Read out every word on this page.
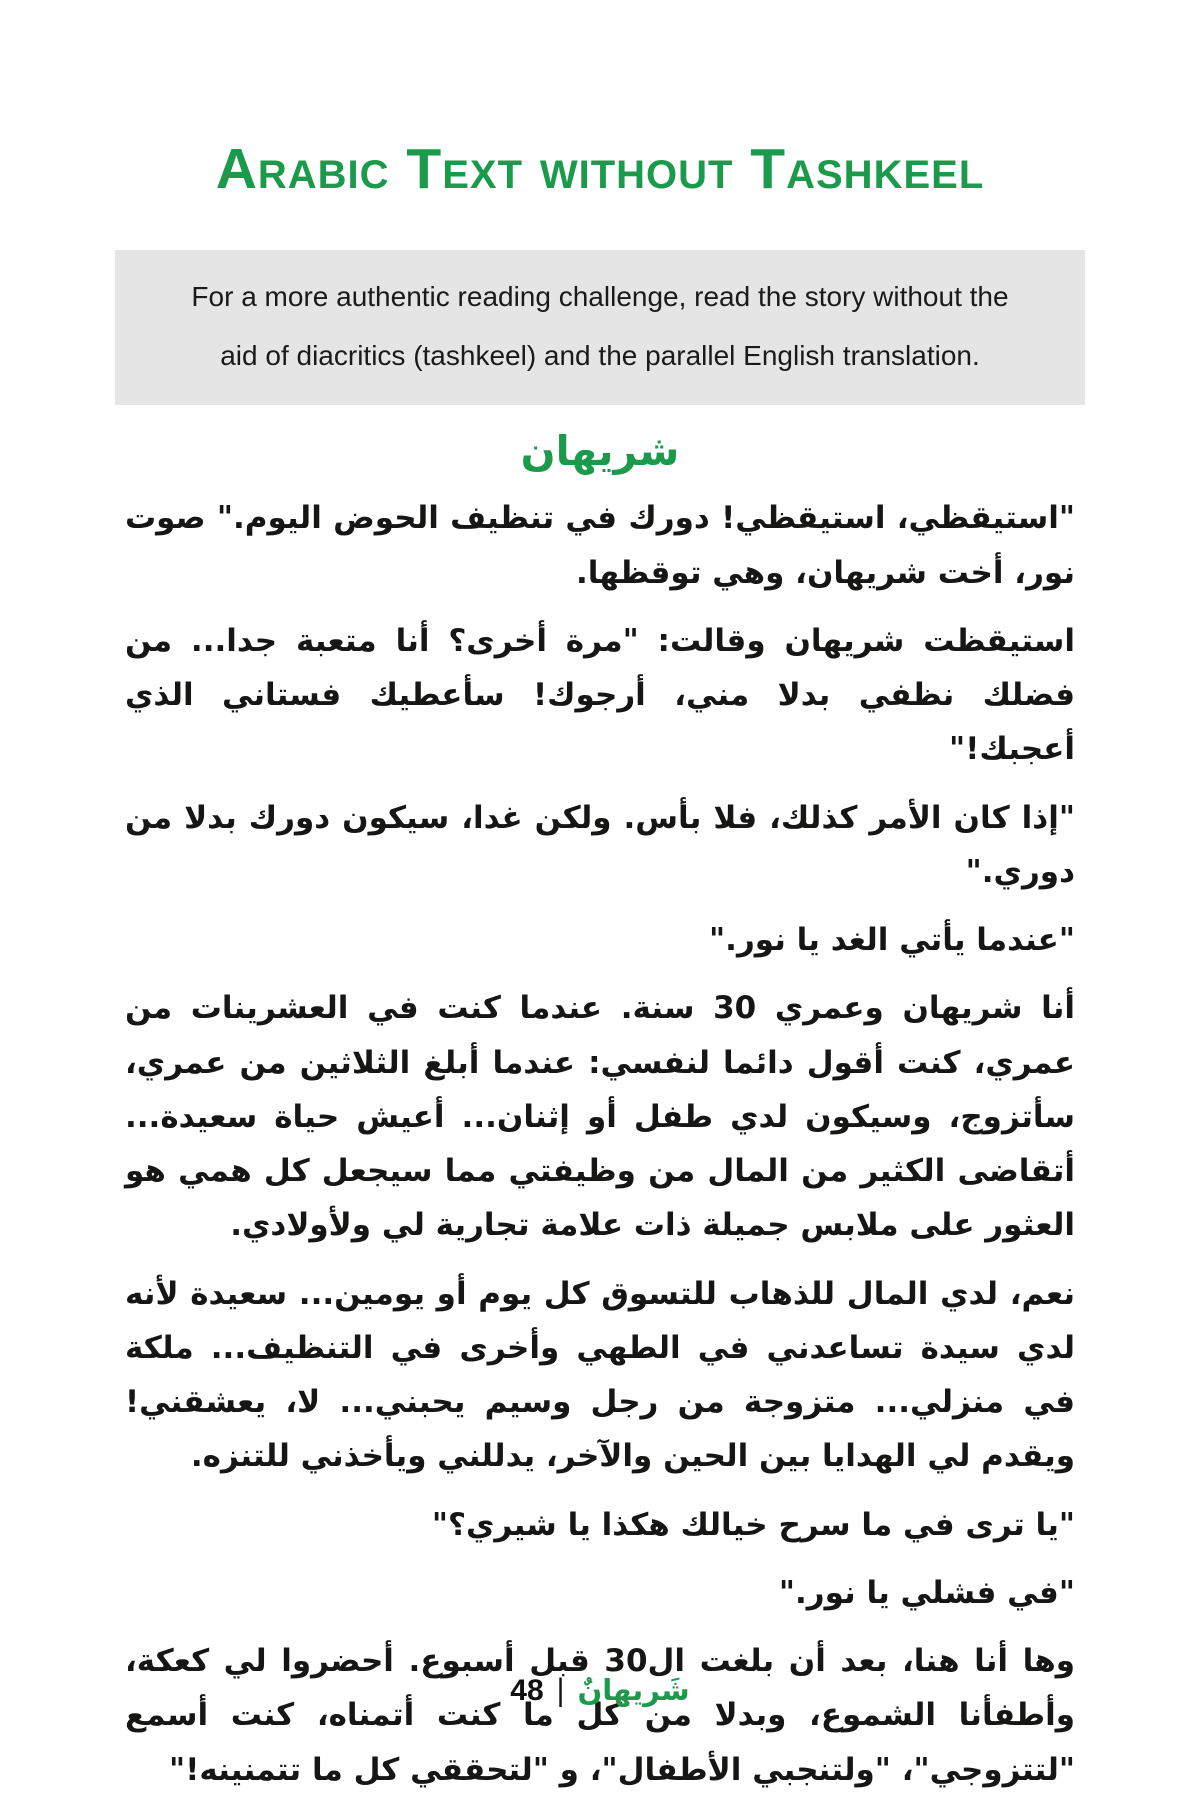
Arabic Text without Tashkeel
For a more authentic reading challenge, read the story without the
aid of diacritics (tashkeel) and the parallel English translation.
شريهان

"استيقظي، استيقظي! دورك في تنظيف الحوض اليوم." صوت نور، أخت شريهان، وهي توقظها.

استيقظت شريهان وقالت: "مرة أخرى؟ أنا متعبة جدا... من فضلك نظفي بدلا مني، أرجوك! سأعطيك فستاني الذي أعجبك!"

"إذا كان الأمر كذلك، فلا بأس. ولكن غدا، سيكون دورك بدلا من دوري."

"عندما يأتي الغد يا نور."

أنا شريهان وعمري 30 سنة. عندما كنت في العشرينات من عمري، كنت أقول دائما لنفسي: عندما أبلغ الثلاثين من عمري، سأتزوج، وسيكون لدي طفل أو إثنان... أعيش حياة سعيدة... أتقاضى الكثير من المال من وظيفتي مما سيجعل كل همي هو العثور على ملابس جميلة ذات علامة تجارية لي ولأولادي.

نعم، لدي المال للذهاب للتسوق كل يوم أو يومين... سعيدة لأنه لدي سيدة تساعدني في الطهي وأخرى في التنظيف... ملكة في منزلي... متزوجة من رجل وسيم يحبني... لا، يعشقني! ويقدم لي الهدايا بين الحين والآخر، يدللني ويأخذني للتنزه.

"يا ترى في ما سرح خيالك هكذا يا شيري؟"

"في فشلي يا نور."

وها أنا هنا، بعد أن بلغت ال30 قبل أسبوع. أحضروا لي كعكة، وأطفأنا الشموع، وبدلا من كل ما كنت أتمناه، كنت أسمع "لتتزوجي"، "ولتنجبي الأطفال"، و "لتحققي كل ما تتمنينه!"

شَريهانٌ|48
